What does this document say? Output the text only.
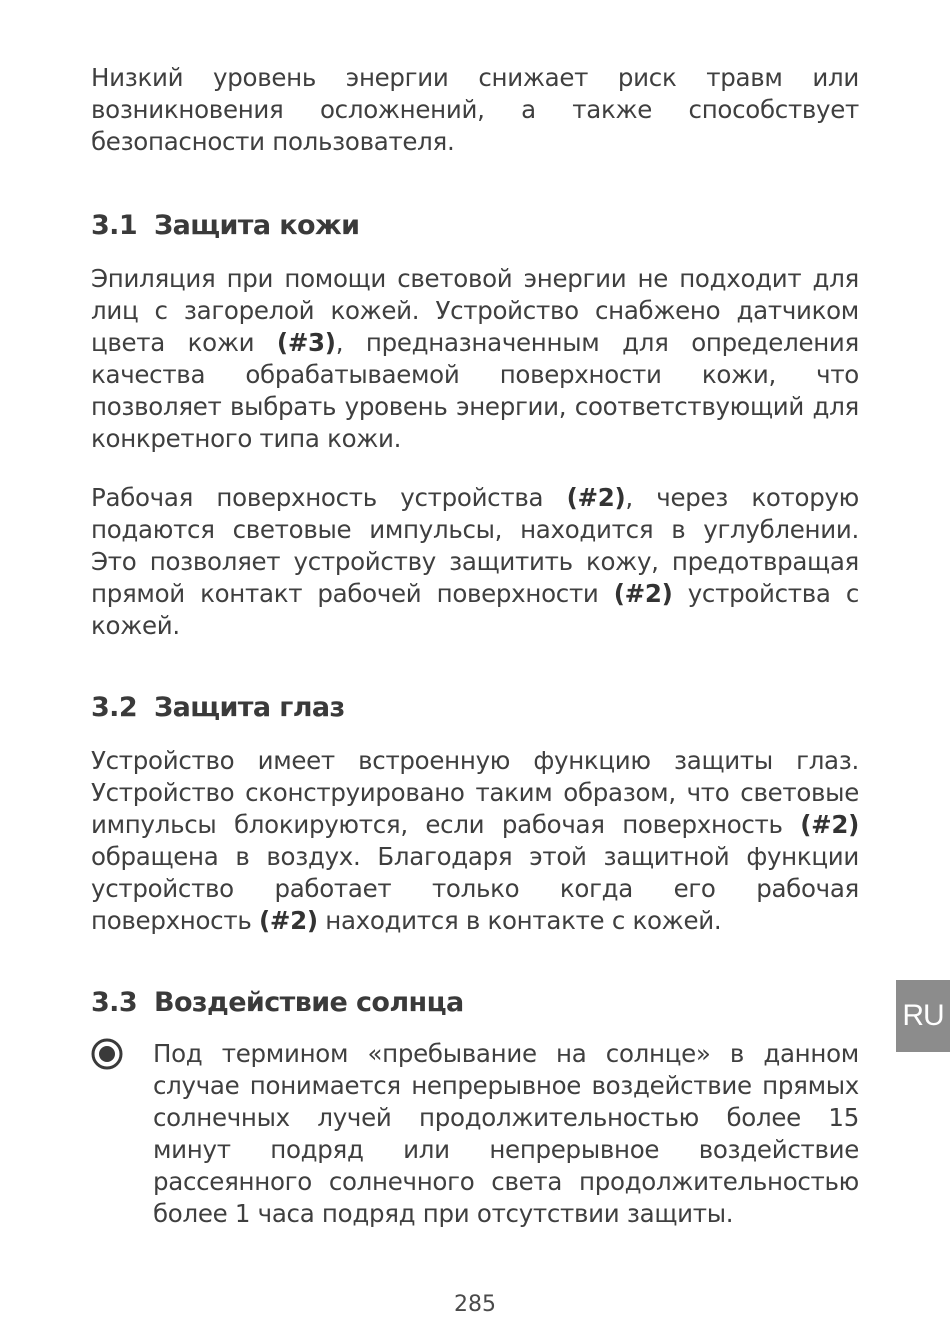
Низкий уровень энергии снижает риск травм или возникновения осложнений, а также способствует безопасности пользователя.

3.1 Защита кожи

Эпиляция при помощи световой энергии не подходит для лиц с загорелой кожей. Устройство снабжено датчиком цвета кожи (#3), предназначенным для определения качества обрабатываемой поверхности кожи, что позволяет выбрать уровень энергии, соответствующий для конкретного типа кожи.

Рабочая поверхность устройства (#2), через которую подаются световые импульсы, находится в углублении. Это позволяет устройству защитить кожу, предотвращая прямой контакт рабочей поверхности (#2) устройства с кожей.

3.2 Защита глаз

Устройство имеет встроенную функцию защиты глаз. Устройство сконструировано таким образом, что световые импульсы блокируются, если рабочая поверхность (#2) обращена в воздух. Благодаря этой защитной функции устройство работает только когда его рабочая поверхность (#2) находится в контакте с кожей.

3.3 Воздействие солнца

Под термином «пребывание на солнце» в данном случае понимается непрерывное воздействие прямых солнечных лучей продолжительностью более 15 минут подряд или непрерывное воздействие рассеянного солнечного света продолжительностью более 1 часа подряд при отсутствии защиты.

RU
285
